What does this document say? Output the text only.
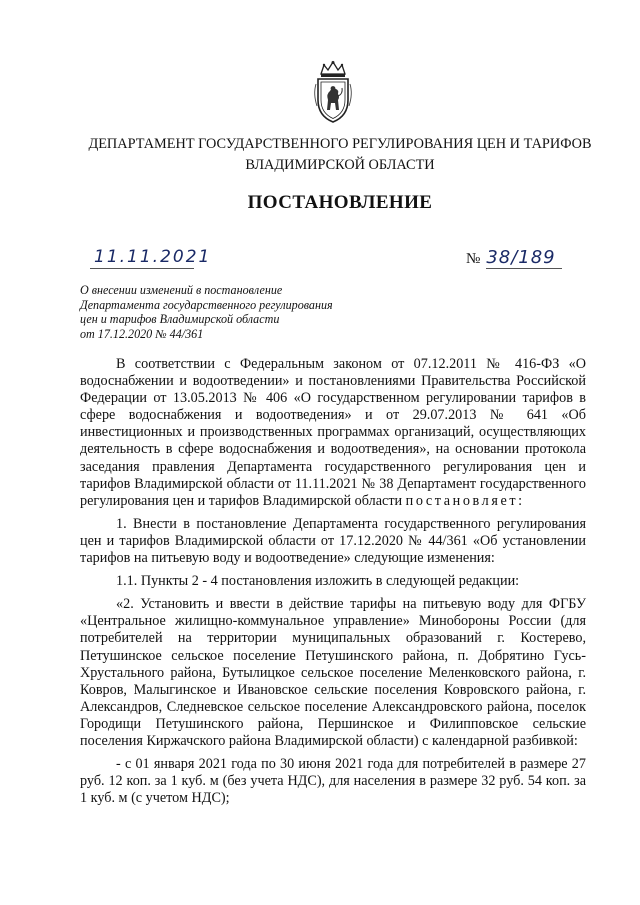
ДЕПАРТАМЕНТ ГОСУДАРСТВЕННОГО РЕГУЛИРОВАНИЯ ЦЕН И ТАРИФОВ
ВЛАДИМИРСКОЙ ОБЛАСТИ
ПОСТАНОВЛЕНИЕ
11.11.2021	№ 38/189
О внесении изменений в постановление
Департамента государственного регулирования
цен и тарифов Владимирской области
от 17.12.2020 № 44/361

В соответствии с Федеральным законом от 07.12.2011 № 416-ФЗ «О водоснабжении и водоотведении» и постановлениями Правительства Российской Федерации от 13.05.2013 № 406 «О государственном регулировании тарифов в сфере водоснабжения и водоотведения» и от 29.07.2013 № 641 «Об инвестиционных и производственных программах организаций, осуществляющих деятельность в сфере водоснабжения и водоотведения», на основании протокола заседания правления Департамента государственного регулирования цен и тарифов Владимирской области от 11.11.2021 № 38 Департамент государственного регулирования цен и тарифов Владимирской области постановляет:

1. Внести в постановление Департамента государственного регулирования цен и тарифов Владимирской области от 17.12.2020 № 44/361 «Об установлении тарифов на питьевую воду и водоотведение» следующие изменения:

1.1. Пункты 2 - 4 постановления изложить в следующей редакции:

«2. Установить и ввести в действие тарифы на питьевую воду для ФГБУ «Центральное жилищно-коммунальное управление» Минобороны России (для потребителей на территории муниципальных образований г. Костерево, Петушинское сельское поселение Петушинского района, п. Добрятино Гусь-Хрустального района, Бутылицкое сельское поселение Меленковского района, г. Ковров, Малыгинское и Ивановское сельские поселения Ковровского района, г. Александров, Следневское сельское поселение Александровского района, поселок Городищи Петушинского района, Першинское и Филипповское сельские поселения Киржачского района Владимирской области) с календарной разбивкой:

- с 01 января 2021 года по 30 июня 2021 года для потребителей в размере 27 руб. 12 коп. за 1 куб. м (без учета НДС), для населения в размере 32 руб. 54 коп. за 1 куб. м (с учетом НДС);
